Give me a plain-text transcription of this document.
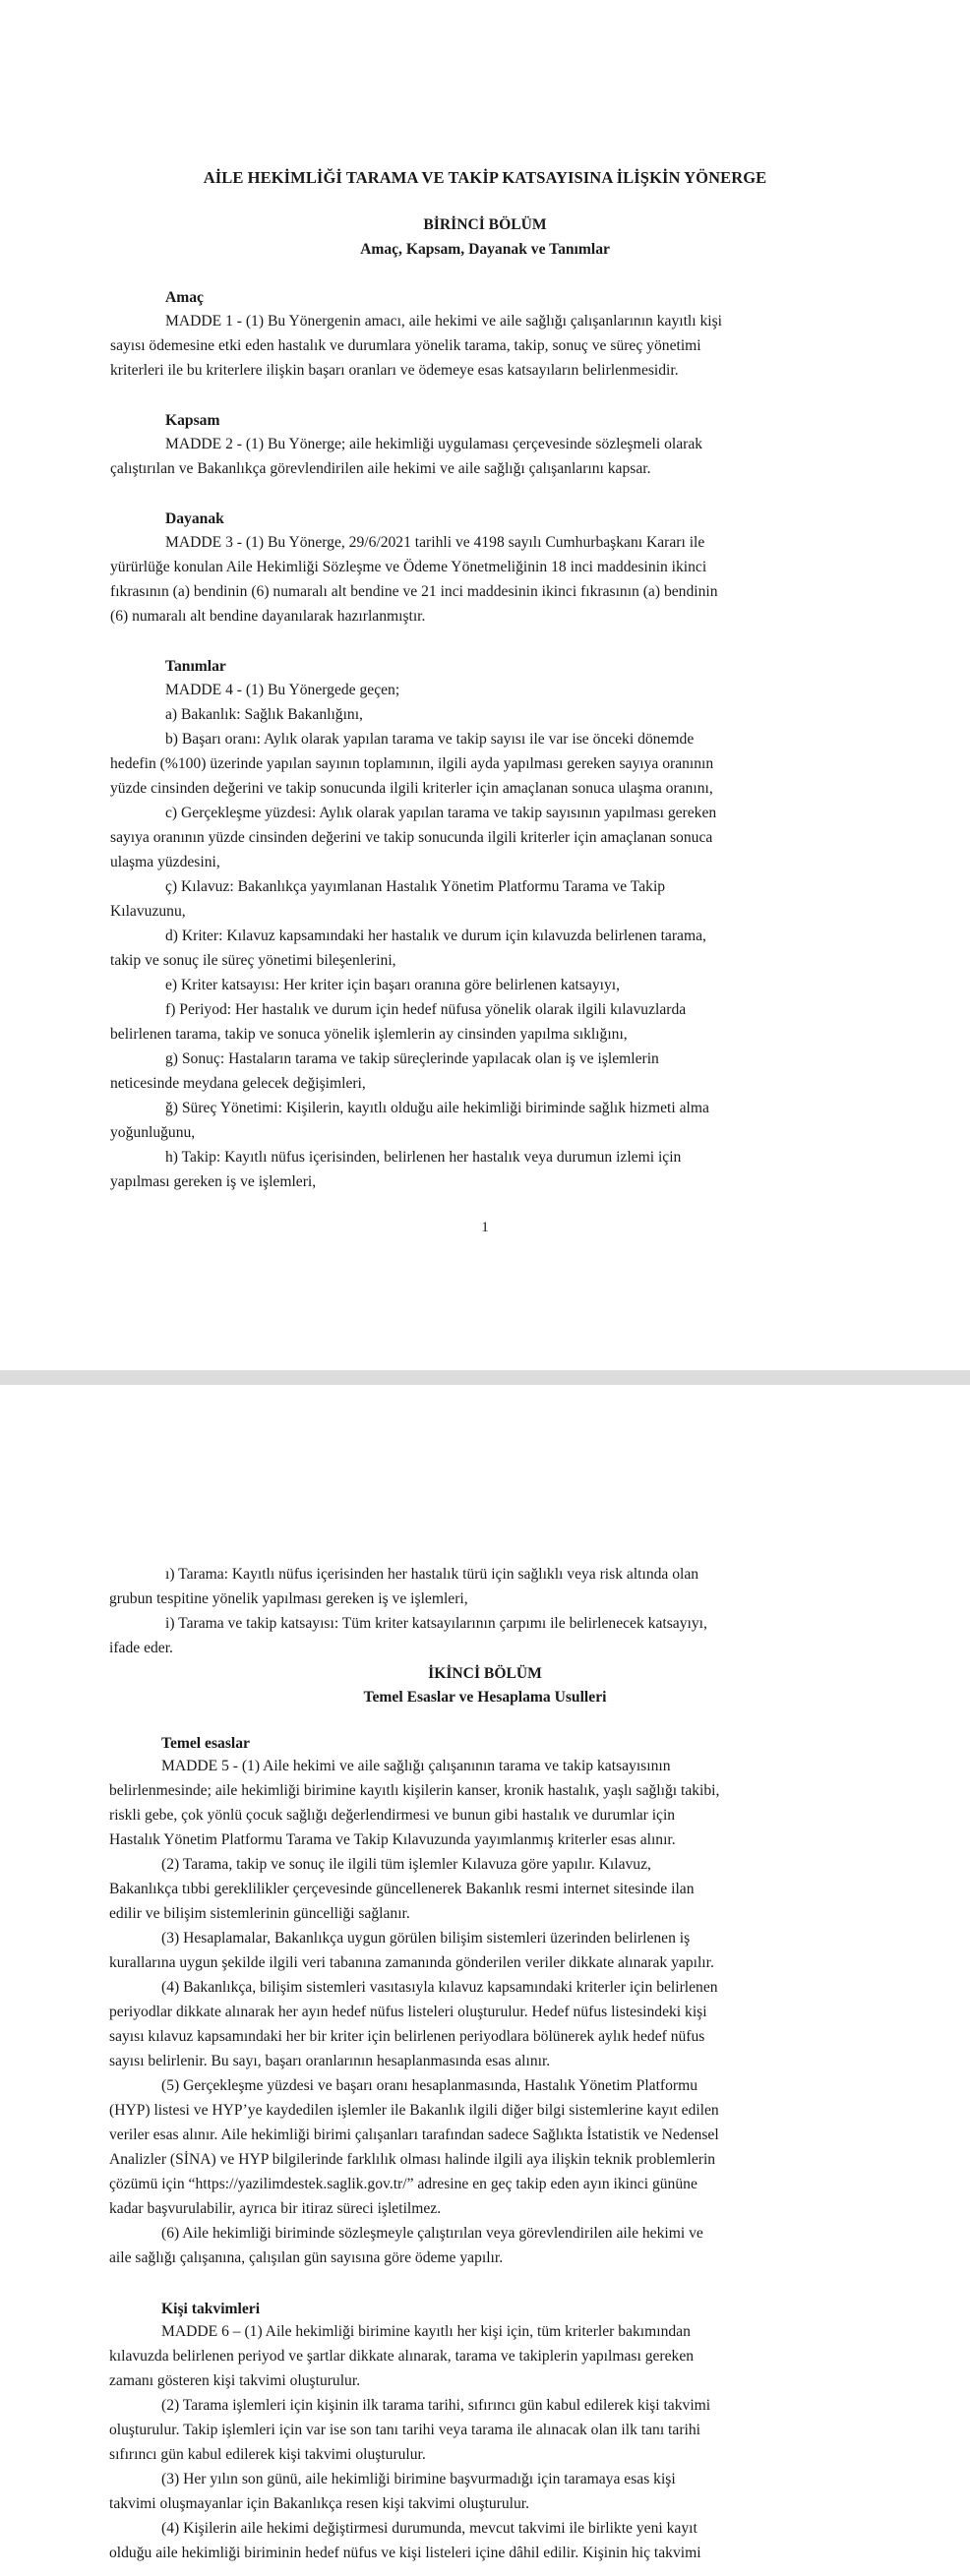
AİLE HEKİMLİĞİ TARAMA VE TAKİP KATSAYISINA İLİŞKİN YÖNERGE
BİRİNCİ BÖLÜM
Amaç, Kapsam, Dayanak ve Tanımlar
Amaç
MADDE 1 - (1) Bu Yönergenin amacı, aile hekimi ve aile sağlığı çalışanlarının kayıtlı kişi
sayısı ödemesine etki eden hastalık ve durumlara yönelik tarama, takip, sonuç ve süreç yönetimi
kriterleri ile bu kriterlere ilişkin başarı oranları ve ödemeye esas katsayıların belirlenmesidir.
Kapsam
MADDE 2 - (1) Bu Yönerge; aile hekimliği uygulaması çerçevesinde sözleşmeli olarak
çalıştırılan ve Bakanlıkça görevlendirilen aile hekimi ve aile sağlığı çalışanlarını kapsar.
Dayanak
MADDE 3 - (1) Bu Yönerge, 29/6/2021 tarihli ve 4198 sayılı Cumhurbaşkanı Kararı ile
yürürlüğe konulan Aile Hekimliği Sözleşme ve Ödeme Yönetmeliğinin 18 inci maddesinin ikinci
fıkrasının (a) bendinin (6) numaralı alt bendine ve 21 inci maddesinin ikinci fıkrasının (a) bendinin
(6) numaralı alt bendine dayanılarak hazırlanmıştır.
Tanımlar
MADDE 4 - (1) Bu Yönergede geçen;
a) Bakanlık: Sağlık Bakanlığını,
b) Başarı oranı: Aylık olarak yapılan tarama ve takip sayısı ile var ise önceki dönemde
hedefin (%100) üzerinde yapılan sayının toplamının, ilgili ayda yapılması gereken sayıya oranının
yüzde cinsinden değerini ve takip sonucunda ilgili kriterler için amaçlanan sonuca ulaşma oranını,
c) Gerçekleşme yüzdesi: Aylık olarak yapılan tarama ve takip sayısının yapılması gereken
sayıya oranının yüzde cinsinden değerini ve takip sonucunda ilgili kriterler için amaçlanan sonuca
ulaşma yüzdesini,
ç) Kılavuz: Bakanlıkça yayımlanan Hastalık Yönetim Platformu Tarama ve Takip
Kılavuzunu,
d) Kriter: Kılavuz kapsamındaki her hastalık ve durum için kılavuzda belirlenen tarama,
takip ve sonuç ile süreç yönetimi bileşenlerini,
e) Kriter katsayısı: Her kriter için başarı oranına göre belirlenen katsayıyı,
f) Periyod: Her hastalık ve durum için hedef nüfusa yönelik olarak ilgili kılavuzlarda
belirlenen tarama, takip ve sonuca yönelik işlemlerin ay cinsinden yapılma sıklığını,
g) Sonuç: Hastaların tarama ve takip süreçlerinde yapılacak olan iş ve işlemlerin
neticesinde meydana gelecek değişimleri,
ğ) Süreç Yönetimi: Kişilerin, kayıtlı olduğu aile hekimliği biriminde sağlık hizmeti alma
yoğunluğunu,
h) Takip: Kayıtlı nüfus içerisinden, belirlenen her hastalık veya durumun izlemi için
yapılması gereken iş ve işlemleri,
1
ı) Tarama: Kayıtlı nüfus içerisinden her hastalık türü için sağlıklı veya risk altında olan
grubun tespitine yönelik yapılması gereken iş ve işlemleri,
i) Tarama ve takip katsayısı: Tüm kriter katsayılarının çarpımı ile belirlenecek katsayıyı,
ifade eder.
İKİNCİ BÖLÜM
Temel Esaslar ve Hesaplama Usulleri
Temel esaslar
MADDE 5 - (1) Aile hekimi ve aile sağlığı çalışanının tarama ve takip katsayısının
belirlenmesinde; aile hekimliği birimine kayıtlı kişilerin kanser, kronik hastalık, yaşlı sağlığı takibi,
riskli gebe, çok yönlü çocuk sağlığı değerlendirmesi ve bunun gibi hastalık ve durumlar için
Hastalık Yönetim Platformu Tarama ve Takip Kılavuzunda yayımlanmış kriterler esas alınır.
(2) Tarama, takip ve sonuç ile ilgili tüm işlemler Kılavuza göre yapılır. Kılavuz,
Bakanlıkça tıbbi gereklilikler çerçevesinde güncellenerek Bakanlık resmi internet sitesinde ilan
edilir ve bilişim sistemlerinin güncelliği sağlanır.
(3) Hesaplamalar, Bakanlıkça uygun görülen bilişim sistemleri üzerinden belirlenen iş
kurallarına uygun şekilde ilgili veri tabanına zamanında gönderilen veriler dikkate alınarak yapılır.
(4) Bakanlıkça, bilişim sistemleri vasıtasıyla kılavuz kapsamındaki kriterler için belirlenen
periyodlar dikkate alınarak her ayın hedef nüfus listeleri oluşturulur. Hedef nüfus listesindeki kişi
sayısı kılavuz kapsamındaki her bir kriter için belirlenen periyodlara bölünerek aylık hedef nüfus
sayısı belirlenir. Bu sayı, başarı oranlarının hesaplanmasında esas alınır.
(5) Gerçekleşme yüzdesi ve başarı oranı hesaplanmasında, Hastalık Yönetim Platformu
(HYP) listesi ve HYP’ye kaydedilen işlemler ile Bakanlık ilgili diğer bilgi sistemlerine kayıt edilen
veriler esas alınır. Aile hekimliği birimi çalışanları tarafından sadece Sağlıkta İstatistik ve Nedensel
Analizler (SİNA) ve HYP bilgilerinde farklılık olması halinde ilgili aya ilişkin teknik problemlerin
çözümü için “https://yazilimdestek.saglik.gov.tr/” adresine en geç takip eden ayın ikinci gününe
kadar başvurulabilir, ayrıca bir itiraz süreci işletilmez.
(6) Aile hekimliği biriminde sözleşmeyle çalıştırılan veya görevlendirilen aile hekimi ve
aile sağlığı çalışanına, çalışılan gün sayısına göre ödeme yapılır.
Kişi takvimleri
MADDE 6 – (1) Aile hekimliği birimine kayıtlı her kişi için, tüm kriterler bakımından
kılavuzda belirlenen periyod ve şartlar dikkate alınarak, tarama ve takiplerin yapılması gereken
zamanı gösteren kişi takvimi oluşturulur.
(2) Tarama işlemleri için kişinin ilk tarama tarihi, sıfırıncı gün kabul edilerek kişi takvimi
oluşturulur. Takip işlemleri için var ise son tanı tarihi veya tarama ile alınacak olan ilk tanı tarihi
sıfırıncı gün kabul edilerek kişi takvimi oluşturulur.
(3) Her yılın son günü, aile hekimliği birimine başvurmadığı için taramaya esas kişi
takvimi oluşmayanlar için Bakanlıkça resen kişi takvimi oluşturulur.
(4) Kişilerin aile hekimi değiştirmesi durumunda, mevcut takvimi ile birlikte yeni kayıt
olduğu aile hekimliği biriminin hedef nüfus ve kişi listeleri içine dâhil edilir. Kişinin hiç takvimi
